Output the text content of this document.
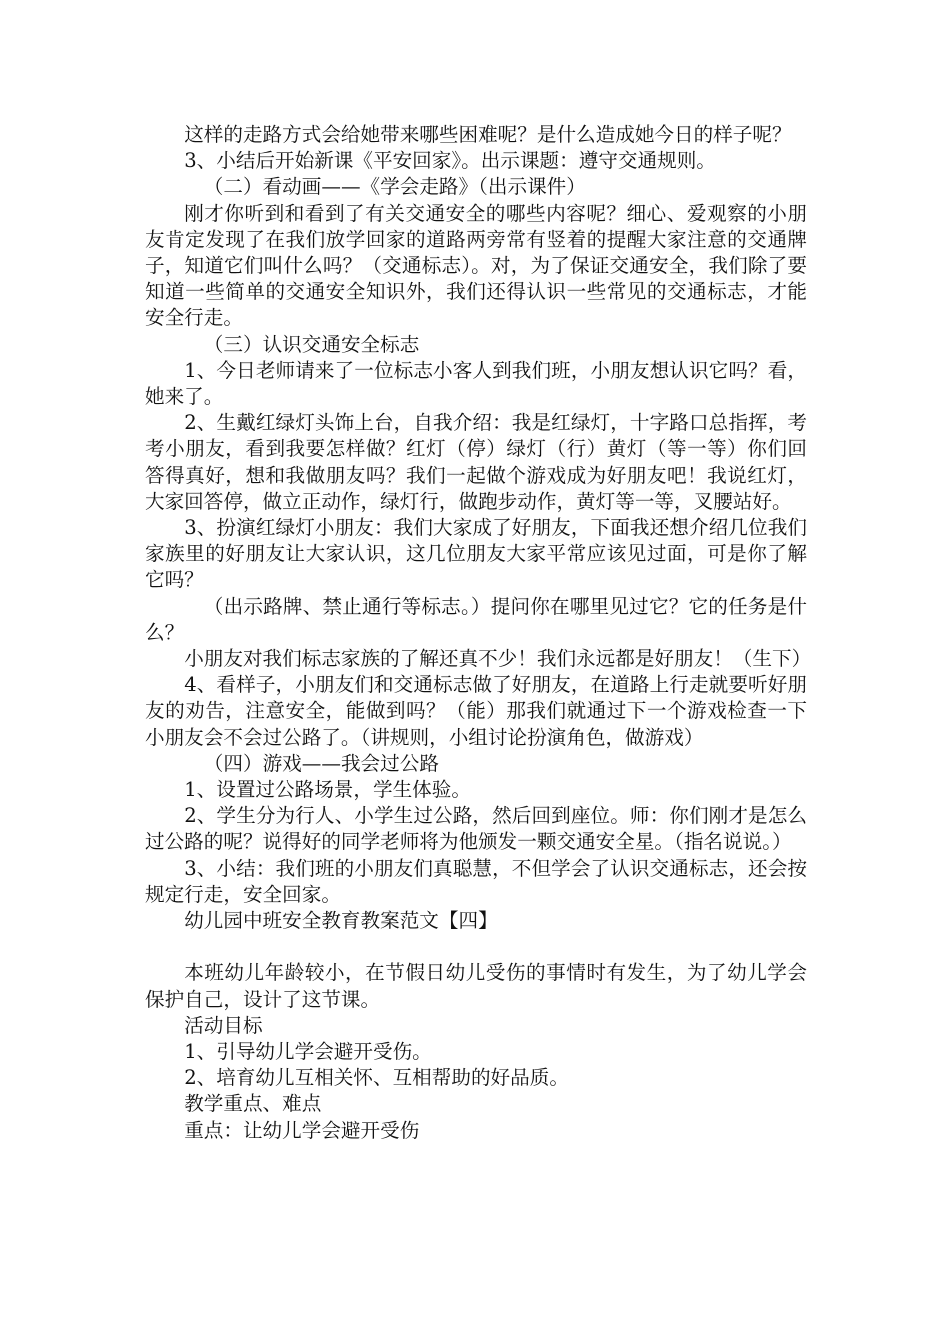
这样的走路方式会给她带来哪些困难呢？是什么造成她今日的样子呢？

3、小结后开始新课《平安回家》。出示课题：遵守交通规则。

（二）看动画——《学会走路》（出示课件）

刚才你听到和看到了有关交通安全的哪些内容呢？细心、爱观察的小朋友肯定发现了在我们放学回家的道路两旁常有竖着的提醒大家注意的交通牌子，知道它们叫什么吗？（交通标志）。对，为了保证交通安全，我们除了要知道一些简单的交通安全知识外，我们还得认识一些常见的交通标志，才能安全行走。

（三）认识交通安全标志

1、今日老师请来了一位标志小客人到我们班，小朋友想认识它吗？看，她来了。

2、生戴红绿灯头饰上台，自我介绍：我是红绿灯，十字路口总指挥，考考小朋友，看到我要怎样做？红灯（停）绿灯（行）黄灯（等一等）你们回答得真好，想和我做朋友吗？我们一起做个游戏成为好朋友吧！我说红灯，大家回答停，做立正动作，绿灯行，做跑步动作，黄灯等一等，叉腰站好。

3、扮演红绿灯小朋友：我们大家成了好朋友，下面我还想介绍几位我们家族里的好朋友让大家认识，这几位朋友大家平常应该见过面，可是你了解它吗？

（出示路牌、禁止通行等标志。）提问你在哪里见过它？它的任务是什么？

小朋友对我们标志家族的了解还真不少！我们永远都是好朋友！（生下）

4、看样子，小朋友们和交通标志做了好朋友，在道路上行走就要听好朋友的劝告，注意安全，能做到吗？（能）那我们就通过下一个游戏检查一下小朋友会不会过公路了。（讲规则，小组讨论扮演角色，做游戏）

（四）游戏——我会过公路

1、设置过公路场景，学生体验。

2、学生分为行人、小学生过公路，然后回到座位。师：你们刚才是怎么过公路的呢？说得好的同学老师将为他颁发一颗交通安全星。（指名说说。）

3、小结：我们班的小朋友们真聪慧，不但学会了认识交通标志，还会按规定行走，安全回家。

幼儿园中班安全教育教案范文【四】

本班幼儿年龄较小，在节假日幼儿受伤的事情时有发生，为了幼儿学会保护自己，设计了这节课。

活动目标

1、引导幼儿学会避开受伤。

2、培育幼儿互相关怀、互相帮助的好品质。

教学重点、难点

重点：让幼儿学会避开受伤
